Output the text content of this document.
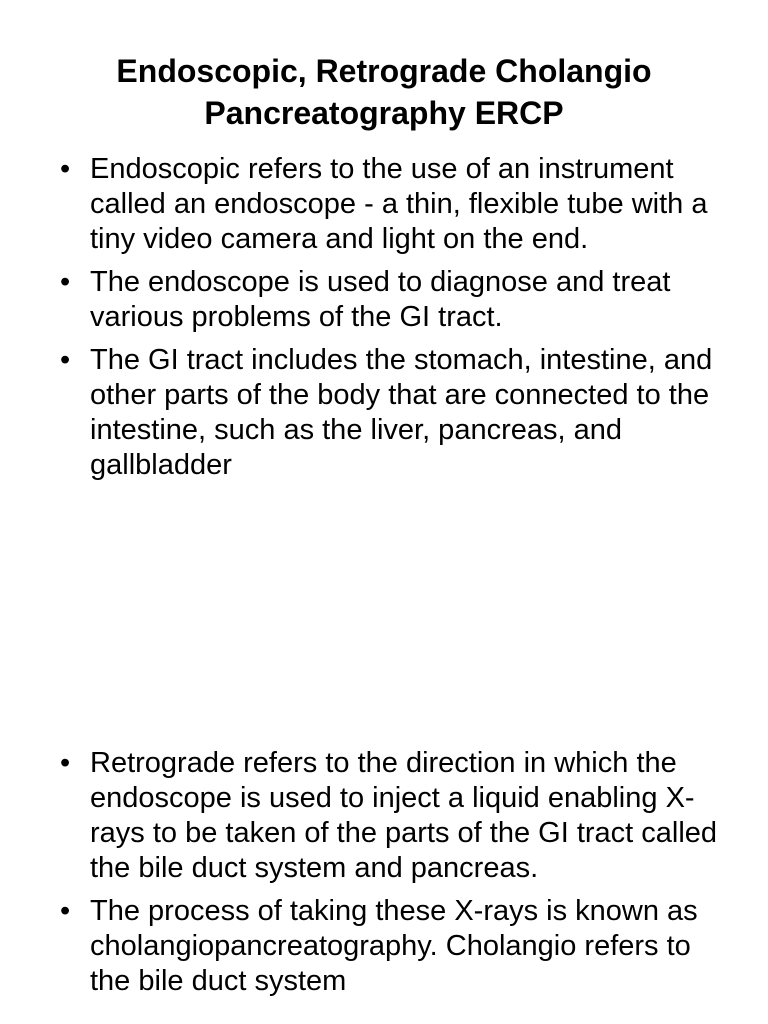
Endoscopic, Retrograde Cholangio
Pancreatography ERCP
• Endoscopic refers to the use of an instrument called an endoscope - a thin, flexible tube with a tiny video camera and light on the end.
• The endoscope is used to diagnose and treat various problems of the GI tract.
• The GI tract includes the stomach, intestine, and other parts of the body that are connected to the intestine, such as the liver, pancreas, and gallbladder
• Retrograde refers to the direction in which the endoscope is used to inject a liquid enabling X-rays to be taken of the parts of the GI tract called the bile duct system and pancreas.
• The process of taking these X-rays is known as cholangiopancreatography. Cholangio refers to the bile duct system
